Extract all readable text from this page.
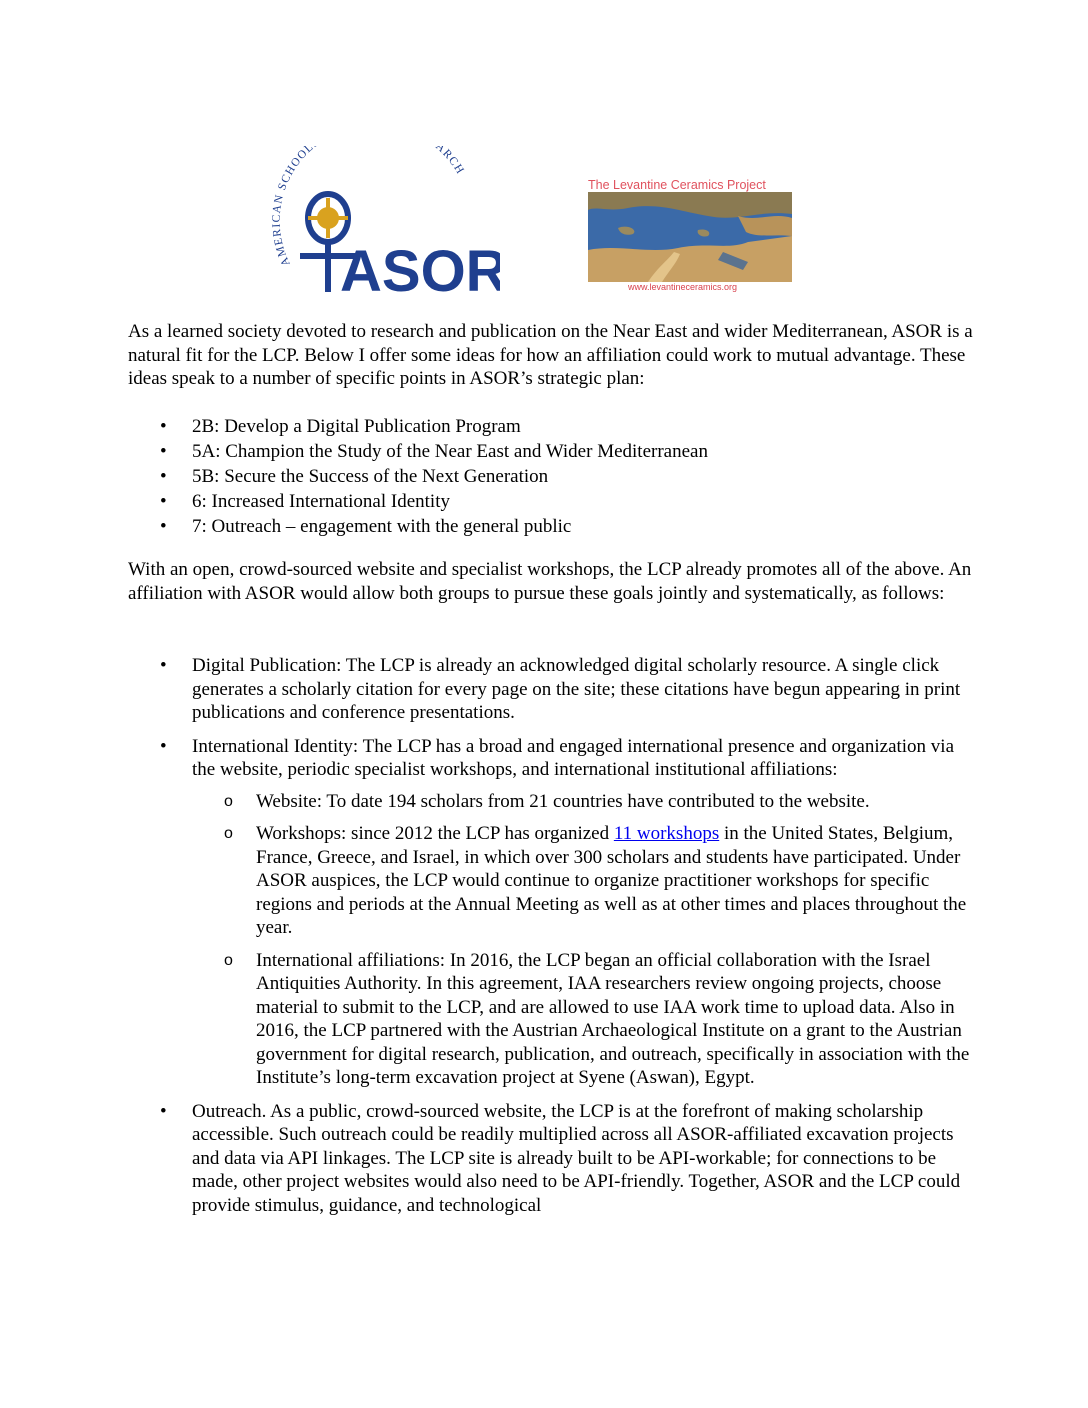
AMERICAN SCHOOL ARCH
ASOR
The Levantine Ceramics Project
www.levantineceramics.org

As a learned society devoted to research and publication on the Near East and wider Mediterranean, ASOR is a natural fit for the LCP. Below I offer some ideas for how an affiliation could work to mutual advantage. These ideas speak to a number of specific points in ASOR’s strategic plan:

• 2B: Develop a Digital Publication Program
• 5A: Champion the Study of the Near East and Wider Mediterranean
• 5B: Secure the Success of the Next Generation
• 6: Increased International Identity
• 7: Outreach – engagement with the general public

With an open, crowd-sourced website and specialist workshops, the LCP already promotes all of the above. An affiliation with ASOR would allow both groups to pursue these goals jointly and systematically, as follows:

• Digital Publication: The LCP is already an acknowledged digital scholarly resource. A single click generates a scholarly citation for every page on the site; these citations have begun appearing in print publications and conference presentations.
• International Identity: The LCP has a broad and engaged international presence and organization via the website, periodic specialist workshops, and international institutional affiliations:
o Website: To date 194 scholars from 21 countries have contributed to the website.
o Workshops: since 2012 the LCP has organized 11 workshops in the United States, Belgium, France, Greece, and Israel, in which over 300 scholars and students have participated. Under ASOR auspices, the LCP would continue to organize practitioner workshops for specific regions and periods at the Annual Meeting as well as at other times and places throughout the year.
o International affiliations: In 2016, the LCP began an official collaboration with the Israel Antiquities Authority. In this agreement, IAA researchers review ongoing projects, choose material to submit to the LCP, and are allowed to use IAA work time to upload data. Also in 2016, the LCP partnered with the Austrian Archaeological Institute on a grant to the Austrian government for digital research, publication, and outreach, specifically in association with the Institute’s long-term excavation project at Syene (Aswan), Egypt.
• Outreach. As a public, crowd-sourced website, the LCP is at the forefront of making scholarship accessible. Such outreach could be readily multiplied across all ASOR-affiliated excavation projects and data via API linkages. The LCP site is already built to be API-workable; for connections to be made, other project websites would also need to be API-friendly. Together, ASOR and the LCP could provide stimulus, guidance, and technological
